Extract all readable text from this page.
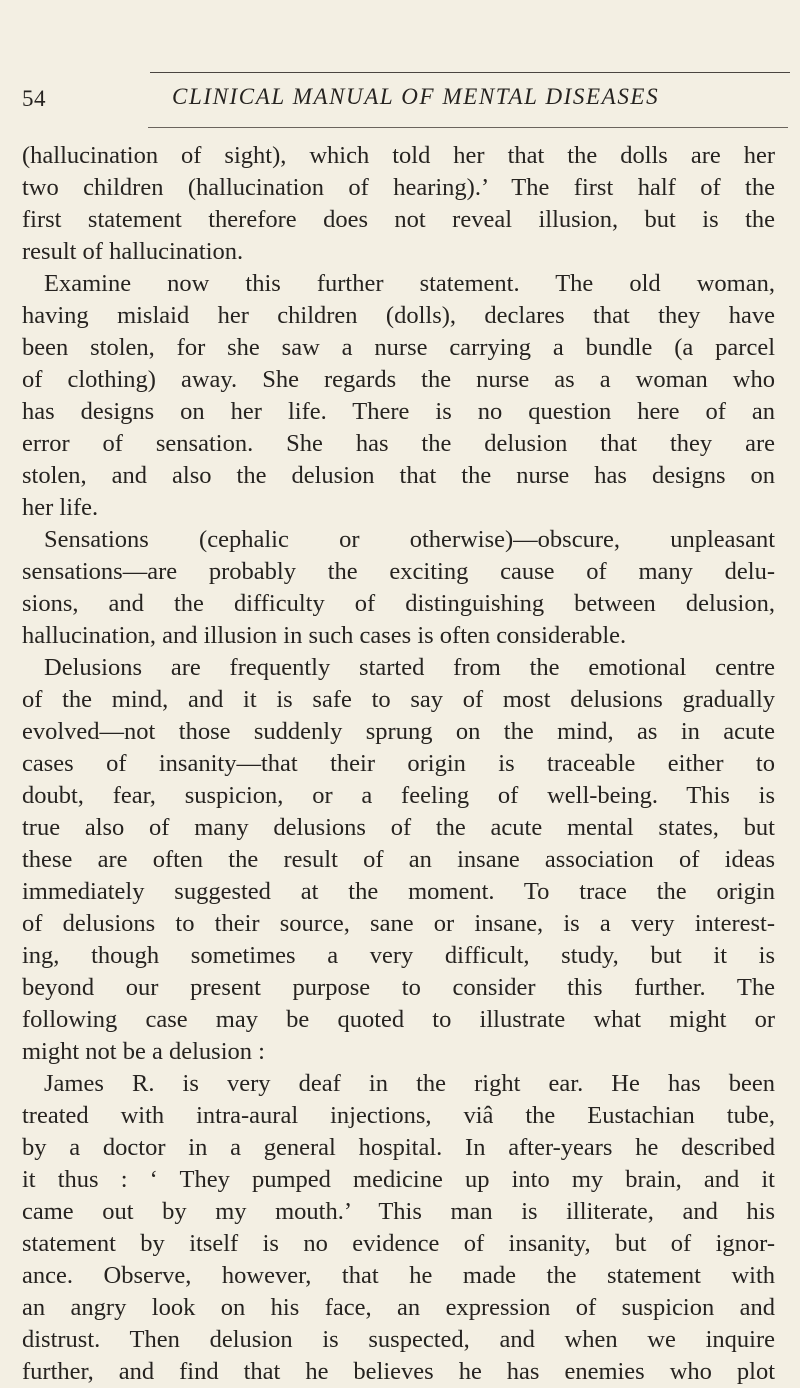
54	CLINICAL MANUAL OF MENTAL DISEASES
(hallucination of sight), which told her that the dolls are her
two children (hallucination of hearing).’ The first half of the
first statement therefore does not reveal illusion, but is the
result of hallucination.
Examine now this further statement. The old woman,
having mislaid her children (dolls), declares that they have
been stolen, for she saw a nurse carrying a bundle (a parcel
of clothing) away. She regards the nurse as a woman who
has designs on her life. There is no question here of an
error of sensation. She has the delusion that they are
stolen, and also the delusion that the nurse has designs on
her life.
Sensations (cephalic or otherwise)—obscure, unpleasant
sensations—are probably the exciting cause of many delu-
sions, and the difficulty of distinguishing between delusion,
hallucination, and illusion in such cases is often considerable.
Delusions are frequently started from the emotional centre
of the mind, and it is safe to say of most delusions gradually
evolved—not those suddenly sprung on the mind, as in acute
cases of insanity—that their origin is traceable either to
doubt, fear, suspicion, or a feeling of well-being. This is
true also of many delusions of the acute mental states, but
these are often the result of an insane association of ideas
immediately suggested at the moment. To trace the origin
of delusions to their source, sane or insane, is a very interest-
ing, though sometimes a very difficult, study, but it is
beyond our present purpose to consider this further. The
following case may be quoted to illustrate what might or
might not be a delusion :
James R. is very deaf in the right ear. He has been
treated with intra-aural injections, viâ the Eustachian tube,
by a doctor in a general hospital. In after-years he described
it thus : ‘ They pumped medicine up into my brain, and it
came out by my mouth.’ This man is illiterate, and his
statement by itself is no evidence of insanity, but of ignor-
ance. Observe, however, that he made the statement with
an angry look on his face, an expression of suspicion and
distrust. Then delusion is suspected, and when we inquire
further, and find that he believes he has enemies who plot
